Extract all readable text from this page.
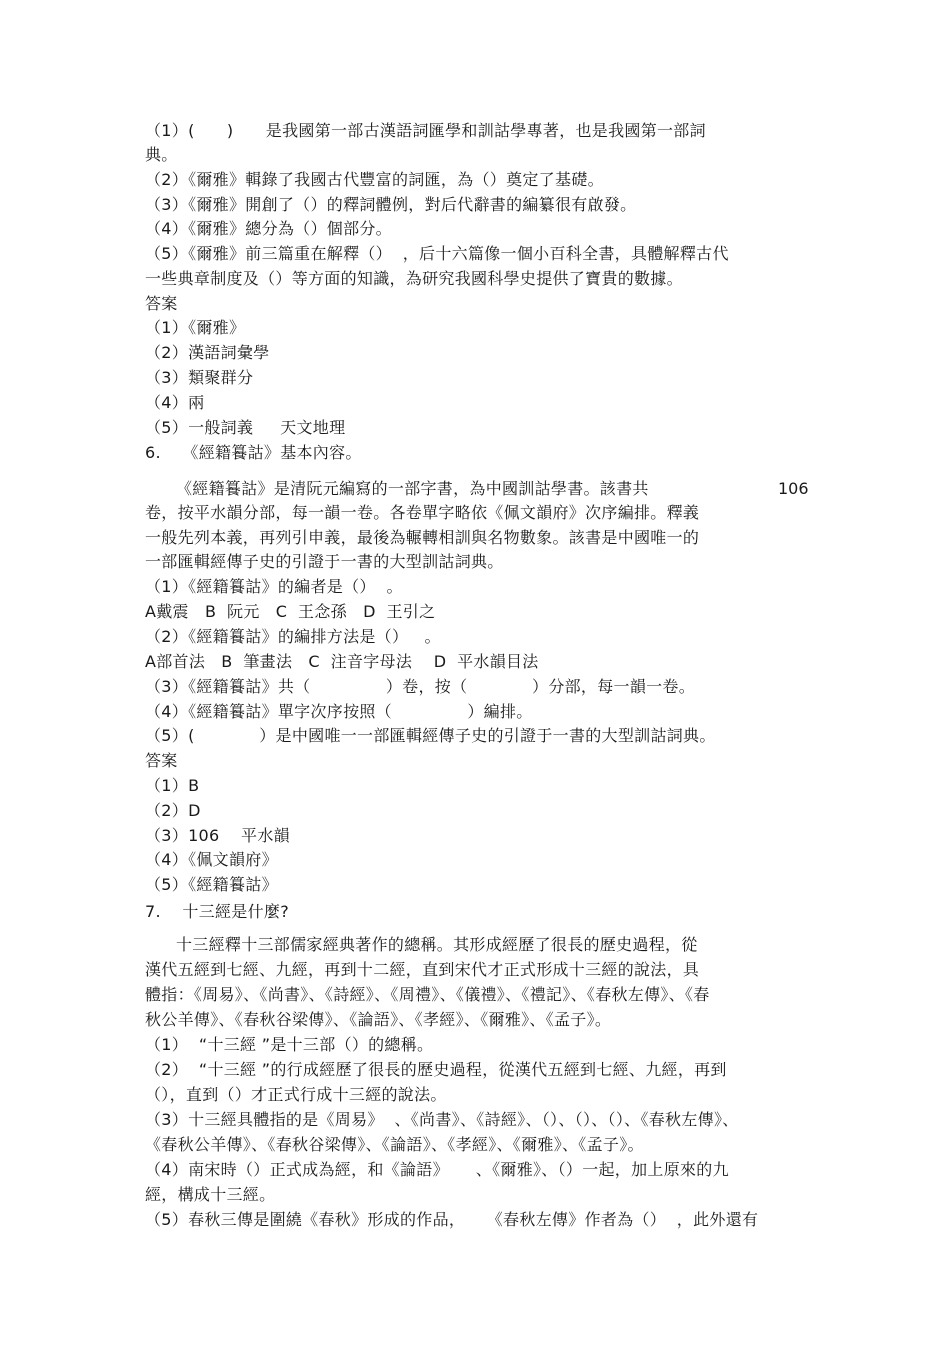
（1）(      )      是我國第一部古漢語詞匯學和訓詁學專著，也是我國第一部詞
典。
（2）《爾雅》輯錄了我國古代豐富的詞匯，為（）奠定了基礎。
（3）《爾雅》開創了（）的釋詞體例，對后代辭書的編纂很有啟發。
（4）《爾雅》總分為（）個部分。
（5）《爾雅》前三篇重在解釋（）  ，后十六篇像一個小百科全書，具體解釋古代
一些典章制度及（）等方面的知識，為研究我國科學史提供了寶貴的數據。
答案
（1）《爾雅》
（2）漢語詞彙學
（3）類聚群分
（4）兩
（5）一般詞義     天文地理
6.    《經籍籑詁》基本內容。
《經籍籑詁》是清阮元編寫的一部字書，為中國訓詁學書。該書共	106
卷，按平水韻分部，每一韻一卷。各卷單字略依《佩文韻府》次序編排。釋義
一般先列本義，再列引申義，最後為輾轉相訓與名物數象。該書是中國唯一的
一部匯輯經傳子史的引證于一書的大型訓詁詞典。
（1）《經籍籑詁》的編者是（）  。
A戴震   B  阮元   C  王念孫   D  王引之
（2）《經籍籑詁》的編排方法是（）   。
A部首法   B  筆畫法   C  注音字母法    D  平水韻目法
（3）《經籍籑詁》共（              ）卷，按（            ）分部，每一韻一卷。
（4）《經籍籑詁》單字次序按照（              ）編排。
（5）(            ）是中國唯一一部匯輯經傳子史的引證于一書的大型訓詁詞典。
答案
（1）B
（2）D
（3）106    平水韻
（4）《佩文韻府》
（5）《經籍籑詁》
7.    十三經是什麼?
十三經釋十三部儒家經典著作的總稱。其形成經歷了很長的歷史過程，從
漢代五經到七經、九經，再到十二經，直到宋代才正式形成十三經的說法，具
體指：《周易》、《尚書》、《詩經》、《周禮》、《儀禮》、《禮記》、《春秋左傳》、《春
秋公羊傳》、《春秋谷梁傳》、《論語》、《孝經》、《爾雅》、《孟子》。
（1）  “十三經 ”是十三部（）的總稱。
（2）  “十三經 ”的行成經歷了很長的歷史過程，從漢代五經到七經、九經，再到
（），直到（）才正式行成十三經的說法。
（3）十三經具體指的是《周易》  、《尚書》、《詩經》、（）、（）、（）、《春秋左傳》、
《春秋公羊傳》、《春秋谷梁傳》、《論語》、《孝經》、《爾雅》、《孟子》。
（4）南宋時（）正式成為經，和《論語》     、《爾雅》、（）一起，加上原來的九
經，構成十三經。
（5）春秋三傳是圍繞《春秋》形成的作品，    《春秋左傳》作者為（）  ，此外還有
